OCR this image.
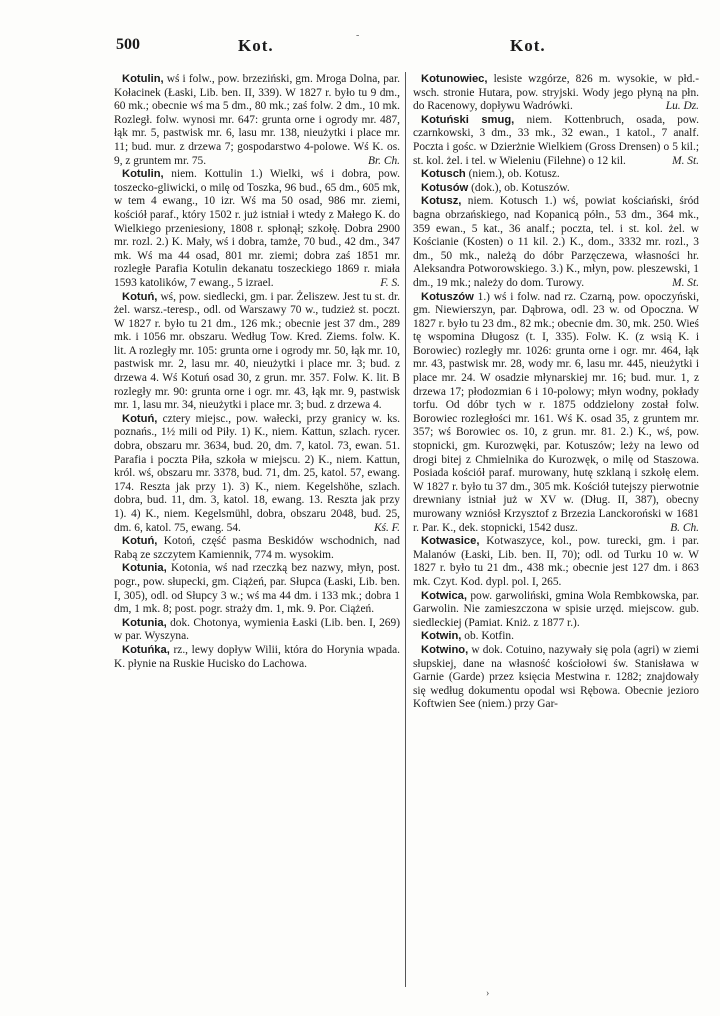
-
500	Kot.	Kot.

Kotulin, wś i folw., pow. brzeziński, gm. Mroga Dolna, par. Kołacinek (Łaski, Lib. ben. II, 339). W 1827 r. było tu 9 dm., 60 mk.; obecnie wś ma 5 dm., 80 mk.; zaś folw. 2 dm., 10 mk. Rozległ. folw. wynosi mr. 647: grunta orne i ogrody mr. 487, łąk mr. 5, pastwisk mr. 6, lasu mr. 138, nieużytki i place mr. 11; bud. mur. z drzewa 7; gospodarstwo 4-polowe. Wś K. os. 9, z gruntem mr. 75.	Br. Ch.

Kotulin, niem. Kottulin 1.) Wielki, wś i dobra, pow. toszecko-gliwicki, o milę od Toszka, 96 bud., 65 dm., 605 mk, w tem 4 ewang., 10 izr. Wś ma 50 osad, 986 mr. ziemi, kościół paraf., który 1502 r. już istniał i wtedy z Małego K. do Wielkiego przeniesiony, 1808 r. spłonął; szkołę. Dobra 2900 mr. rozl. 2.) K. Mały, wś i dobra, tamże, 70 bud., 42 dm., 347 mk. Wś ma 44 osad, 801 mr. ziemi; dobra zaś 1851 mr. rozległe Parafia Kotulin dekanatu toszeckiego 1869 r. miała 1593 katolików, 7 ewang., 5 izrael.	F. S.

Kotuń, wś, pow. siedlecki, gm. i par. Żeliszew. Jest tu st. dr. żel. warsz.-teresp., odl. od Warszawy 70 w., tudzież st. poczt. W 1827 r. było tu 21 dm., 126 mk.; obecnie jest 37 dm., 289 mk. i 1056 mr. obszaru. Według Tow. Kred. Ziems. folw. K. lit. A rozległy mr. 105: grunta orne i ogrody mr. 50, łąk mr. 10, pastwisk mr. 2, lasu mr. 40, nieużytki i place mr. 3; bud. z drzewa 4. Wś Kotuń osad 30, z grun. mr. 357. Folw. K. lit. B rozległy mr. 90: grunta orne i ogr. mr. 43, łąk mr. 9, pastwisk mr. 1, lasu mr. 34, nieużytki i place mr. 3; bud. z drzewa 4.

Kotuń, cztery miejsc., pow. wałecki, przy granicy w. ks. poznańs., 1½ mili od Piły. 1) K., niem. Kattun, szlach. rycer. dobra, obszaru mr. 3634, bud. 20, dm. 7, katol. 73, ewan. 51. Parafia i poczta Piła, szkoła w miejscu. 2) K., niem. Kattun, król. wś, obszaru mr. 3378, bud. 71, dm. 25, katol. 57, ewang. 174. Reszta jak przy 1). 3) K., niem. Kegelshöhe, szlach. dobra, bud. 11, dm. 3, katol. 18, ewang. 13. Reszta jak przy 1). 4) K., niem. Kegelsmühl, dobra, obszaru 2048, bud. 25, dm. 6, katol. 75, ewang. 54.	Kś. F.

Kotuń, Kotoń, część pasma Beskidów wschodnich, nad Rabą ze szczytem Kamiennik, 774 m. wysokim.

Kotunia, Kotonia, wś nad rzeczką bez nazwy, młyn, post. pogr., pow. słupecki, gm. Ciążeń, par. Słupca (Łaski, Lib. ben. I, 305), odl. od Słupcy 3 w.; wś ma 44 dm. i 133 mk.; dobra 1 dm, 1 mk. 8; post. pogr. straży dm. 1, mk. 9. Por. Ciążeń.

Kotunia, dok. Chotonya, wymienia Łaski (Lib. ben. I, 269) w par. Wyszyna.

Kotuńka, rz., lewy dopływ Wilii, która do Horynia wpada. K. płynie na Ruskie Hucisko do Lachowa.

Kotunowiec, lesiste wzgórze, 826 m. wysokie, w płd.-wsch. stronie Hutara, pow. stryjski. Wody jego płyną na płn. do Racenowy, dopływu Wadrówki.	Lu. Dz.

Kotuński smug, niem. Kottenbruch, osada, pow. czarnkowski, 3 dm., 33 mk., 32 ewan., 1 katol., 7 analf. Poczta i gośc. w Dzierżnie Wielkiem (Gross Drensen) o 5 kil.; st. kol. żel. i tel. w Wieleniu (Filehne) o 12 kil.	M. St.

Kotusch (niem.), ob. Kotusz.

Kotusów (dok.), ob. Kotuszów.

Kotusz, niem. Kotusch 1.) wś, powiat kościański, śród bagna obrzańskiego, nad Kopanicą półn., 53 dm., 364 mk., 359 ewan., 5 kat., 36 analf.; poczta, tel. i st. kol. żel. w Kościanie (Kosten) o 11 kil. 2.) K., dom., 3332 mr. rozl., 3 dm., 50 mk., należą do dóbr Parzęczewa, własności hr. Aleksandra Potworowskiego. 3.) K., młyn, pow. pleszewski, 1 dm., 19 mk.; należy do dom. Turowy.	M. St.

Kotuszów 1.) wś i folw. nad rz. Czarną, pow. opoczyński, gm. Niewierszyn, par. Dąbrowa, odl. 23 w. od Opoczna. W 1827 r. było tu 23 dm., 82 mk.; obecnie dm. 30, mk. 250. Wieś tę wspomina Długosz (t. I, 335). Folw. K. (z wsią K. i Borowiec) rozległy mr. 1026: grunta orne i ogr. mr. 464, łąk mr. 43, pastwisk mr. 28, wody mr. 6, lasu mr. 445, nieużytki i place mr. 24. W osadzie młynarskiej mr. 16; bud. mur. 1, z drzewa 17; płodozmian 6 i 10-polowy; młyn wodny, pokłady torfu. Od dóbr tych w r. 1875 oddzielony został folw. Borowiec rozległości mr. 161. Wś K. osad 35, z gruntem mr. 357; wś Borowiec os. 10, z grun. mr. 81. 2.) K., wś, pow. stopnicki, gm. Kurozwęki, par. Kotuszów; leży na lewo od drogi bitej z Chmielnika do Kurozwęk, o milę od Staszowa. Posiada kościół paraf. murowany, hutę szklaną i szkołę elem. W 1827 r. było tu 37 dm., 305 mk. Kościół tutejszy pierwotnie drewniany istniał już w XV w. (Dług. II, 387), obecny murowany wzniósł Krzysztof z Brzezia Lanckoroński w 1681 r. Par. K., dek. stopnicki, 1542 dusz.	B. Ch.

Kotwasice, Kotwaszyce, kol., pow. turecki, gm. i par. Malanów (Łaski, Lib. ben. II, 70); odl. od Turku 10 w. W 1827 r. było tu 21 dm., 438 mk.; obecnie jest 127 dm. i 863 mk. Czyt. Kod. dypl. pol. I, 265.

Kotwica, pow. garwoliński, gmina Wola Rembkowska, par. Garwolin. Nie zamieszczona w spisie urzęd. miejscow. gub. siedleckiej (Pamiat. Kniż. z 1877 r.).

Kotwin, ob. Kotfin.

Kotwino, w dok. Cotuino, nazywały się pola (agri) w ziemi słupskiej, dane na własność kościołowi św. Stanisława w Garnie (Garde) przez księcia Mestwina r. 1282; znajdowały się według dokumentu opodal wsi Rębowa. Obecnie jezioro Koftwien See (niem.) przy Gar-

›
